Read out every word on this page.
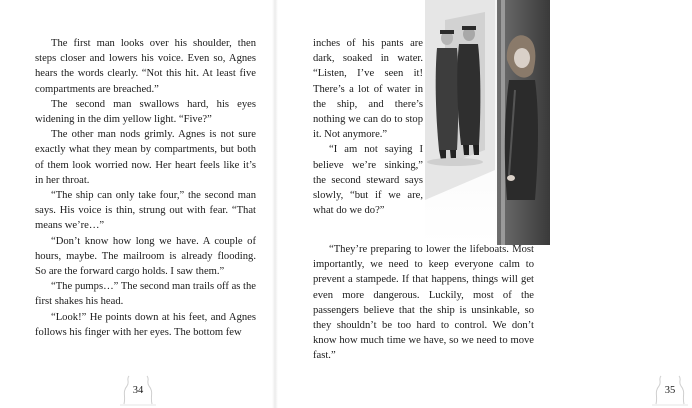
The first man looks over his shoulder, then steps closer and lowers his voice. Even so, Agnes hears the words clearly. “Not this hit. At least five compartments are breached.”

The second man swallows hard, his eyes widening in the dim yellow light. “Five?”

The other man nods grimly. Agnes is not sure exactly what they mean by compartments, but both of them look worried now. Her heart feels like it’s in her throat.

“The ship can only take four,” the second man says. His voice is thin, strung out with fear. “That means we’re…”

“Don’t know how long we have. A couple of hours, maybe. The mailroom is already flooding. So are the forward cargo holds. I saw them.”

“The pumps…” The second man trails off as the first shakes his head.

“Look!” He points down at his feet, and Agnes follows his finger with her eyes. The bottom few

34

inches of his pants are dark, soaked in water. “Listen, I’ve seen it! There’s a lot of water in the ship, and there’s nothing we can do to stop it. Not anymore.”

“I am not saying I believe we’re sinking,” the second steward says slowly, “but if we are, what do we do?”

“They’re preparing to lower the lifeboats. Most importantly, we need to keep everyone calm to prevent a stampede. If that happens, things will get even more dangerous. Luckily, most of the passengers believe that the ship is unsinkable, so they shouldn’t be too hard to control. We don’t know how much time we have, so we need to move fast.”

35
